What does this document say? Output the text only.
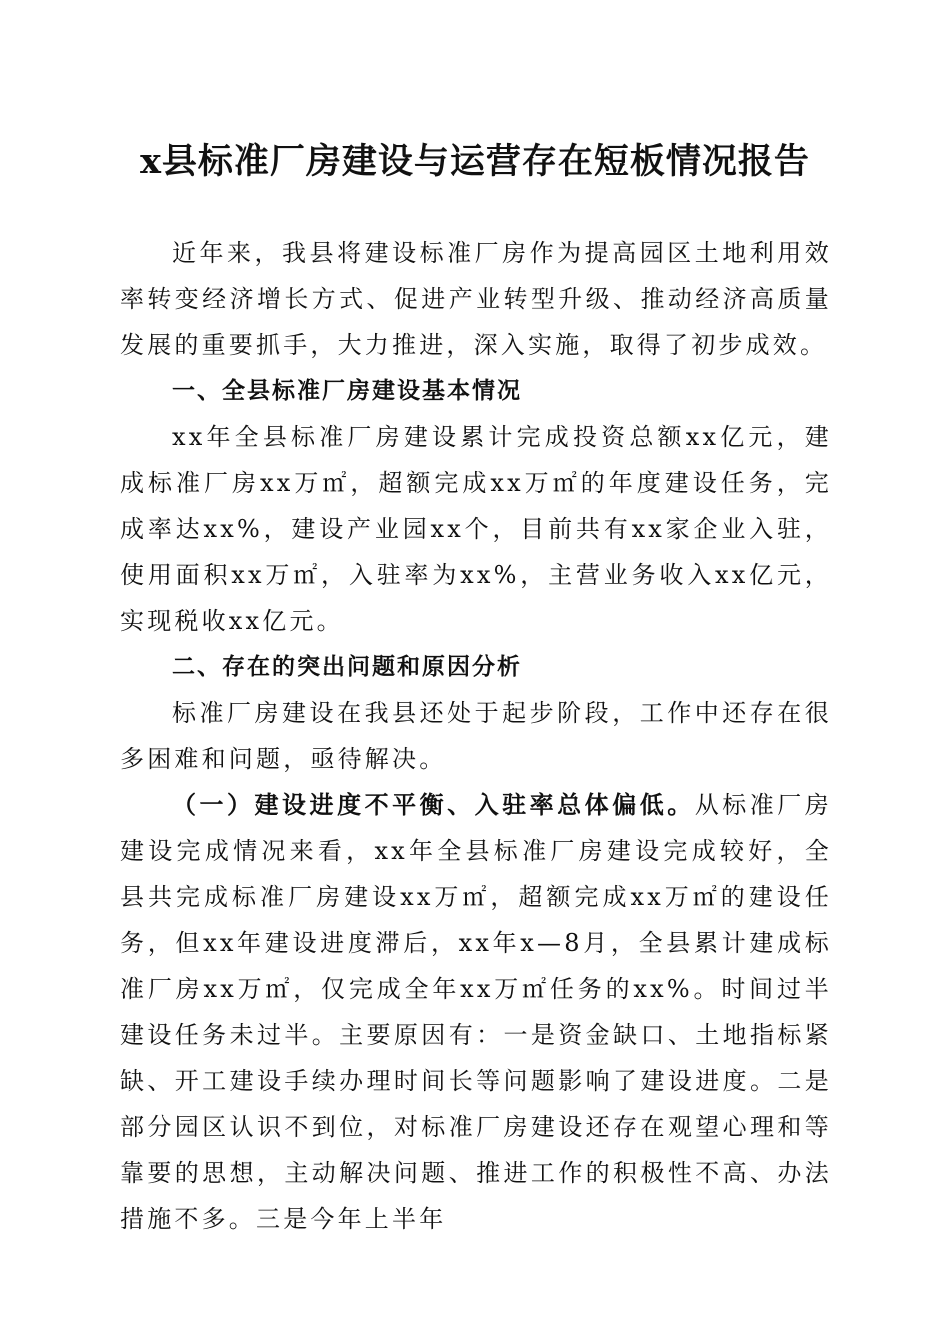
x县标准厂房建设与运营存在短板情况报告

近年来，我县将建设标准厂房作为提高园区土地利用效率转变经济增长方式、促进产业转型升级、推动经济高质量发展的重要抓手，大力推进，深入实施，取得了初步成效。

一、全县标准厂房建设基本情况

xx年全县标准厂房建设累计完成投资总额xx亿元，建成标准厂房xx万㎡，超额完成xx万㎡的年度建设任务，完成率达xx%，建设产业园xx个，目前共有xx家企业入驻，使用面积xx万㎡，入驻率为xx%，主营业务收入xx亿元，实现税收xx亿元。

二、存在的突出问题和原因分析

标准厂房建设在我县还处于起步阶段，工作中还存在很多困难和问题，亟待解决。

（一）建设进度不平衡、入驻率总体偏低。从标准厂房建设完成情况来看，xx年全县标准厂房建设完成较好，全县共完成标准厂房建设xx万㎡，超额完成xx万㎡的建设任务，但xx年建设进度滞后，xx年x—8月，全县累计建成标准厂房xx万㎡，仅完成全年xx万㎡任务的xx%。时间过半建设任务未过半。主要原因有：一是资金缺口、土地指标紧缺、开工建设手续办理时间长等问题影响了建设进度。二是部分园区认识不到位，对标准厂房建设还存在观望心理和等靠要的思想，主动解决问题、推进工作的积极性不高、办法措施不多。三是今年上半年
